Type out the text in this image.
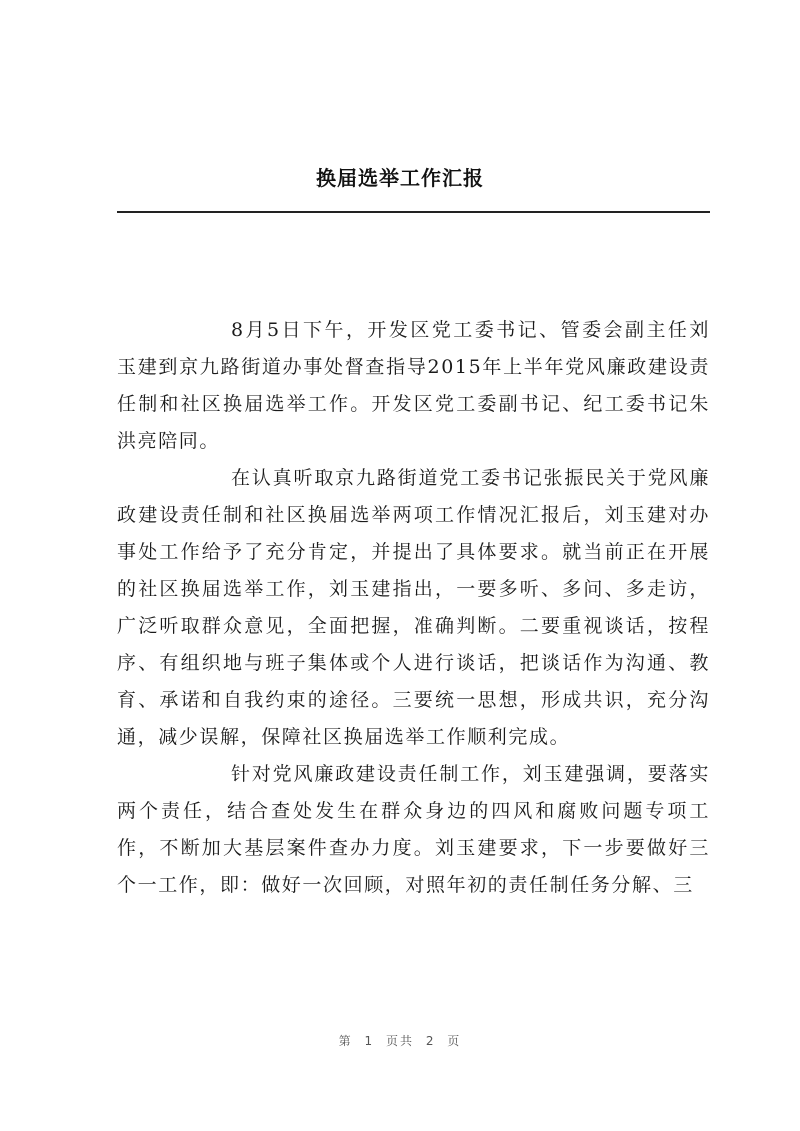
换届选举工作汇报

8月5日下午，开发区党工委书记、管委会副主任刘玉建到京九路街道办事处督查指导2015年上半年党风廉政建设责任制和社区换届选举工作。开发区党工委副书记、纪工委书记朱洪亮陪同。

在认真听取京九路街道党工委书记张振民关于党风廉政建设责任制和社区换届选举两项工作情况汇报后，刘玉建对办事处工作给予了充分肯定，并提出了具体要求。就当前正在开展的社区换届选举工作，刘玉建指出，一要多听、多问、多走访，广泛听取群众意见，全面把握，准确判断。二要重视谈话，按程序、有组织地与班子集体或个人进行谈话，把谈话作为沟通、教育、承诺和自我约束的途径。三要统一思想，形成共识，充分沟通，减少误解，保障社区换届选举工作顺利完成。

针对党风廉政建设责任制工作，刘玉建强调，要落实两个责任，结合查处发生在群众身边的四风和腐败问题专项工作，不断加大基层案件查办力度。刘玉建要求，下一步要做好三个一工作，即：做好一次回顾，对照年初的责任制任务分解、三

第 1 页共 2 页
